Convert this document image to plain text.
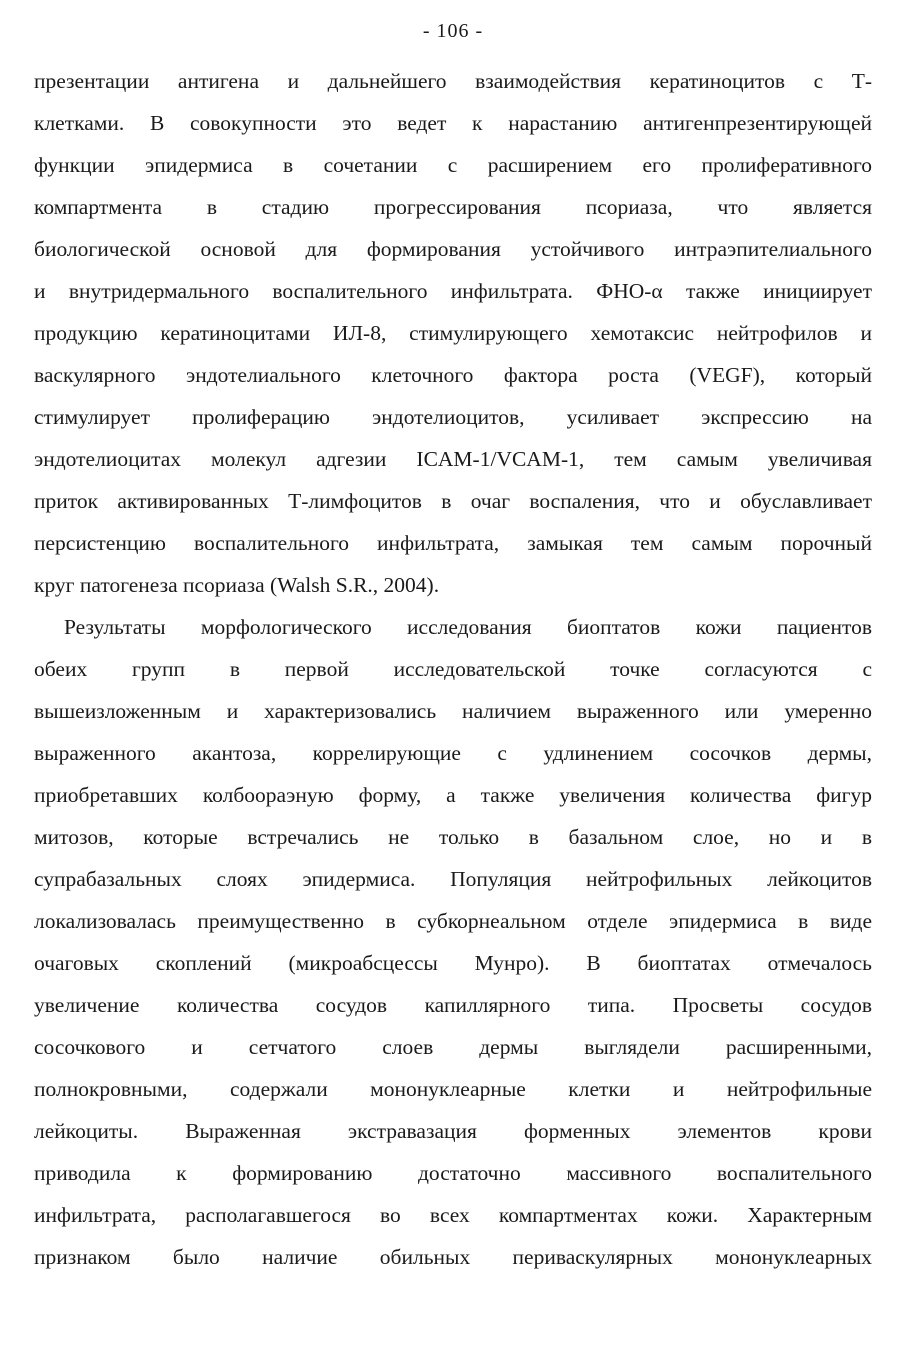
- 106 -
презентации антигена и дальнейшего взаимодействия кератиноцитов с Т-
клетками. В совокупности это ведет к нарастанию антигенпрезентирующей
функции эпидермиса в сочетании с расширением его пролиферативного
компартмента в стадию прогрессирования псориаза, что является
биологической основой для формирования устойчивого интраэпителиального
и внутридермального воспалительного инфильтрата. ФНО-α также инициирует
продукцию кератиноцитами ИЛ-8, стимулирующего хемотаксис нейтрофилов и
васкулярного эндотелиального клеточного фактора роста (VEGF), который
стимулирует пролиферацию эндотелиоцитов, усиливает экспрессию на
эндотелиоцитах молекул адгезии ICAM-1/VCAM-1, тем самым увеличивая
приток активированных Т-лимфоцитов в очаг воспаления, что и обуславливает
персистенцию воспалительного инфильтрата, замыкая тем самым порочный
круг патогенеза псориаза (Walsh S.R., 2004).
Результаты морфологического исследования биоптатов кожи пациентов
обеих групп в первой исследовательской точке согласуются с
вышеизложенным и характеризовались наличием выраженного или умеренно
выраженного акантоза, коррелирующие с удлинением сосочков дермы,
приобретавших колбоораэную форму, а также увеличения количества фигур
митозов, которые встречались не только в базальном слое, но и в
супрабазальных слоях эпидермиса. Популяция нейтрофильных лейкоцитов
локализовалась преимущественно в субкорнеальном отделе эпидермиса в виде
очаговых скоплений (микроабсцессы Мунро). В биоптатах отмечалось
увеличение количества сосудов капиллярного типа. Просветы сосудов
сосочкового и сетчатого слоев дермы выглядели расширенными,
полнокровными, содержали мононуклеарные клетки и нейтрофильные
лейкоциты. Выраженная экстравазация форменных элементов крови
приводила к формированию достаточно массивного воспалительного
инфильтрата, располагавшегося во всех компартментах кожи. Характерным
признаком было наличие обильных периваскулярных мононуклеарных
